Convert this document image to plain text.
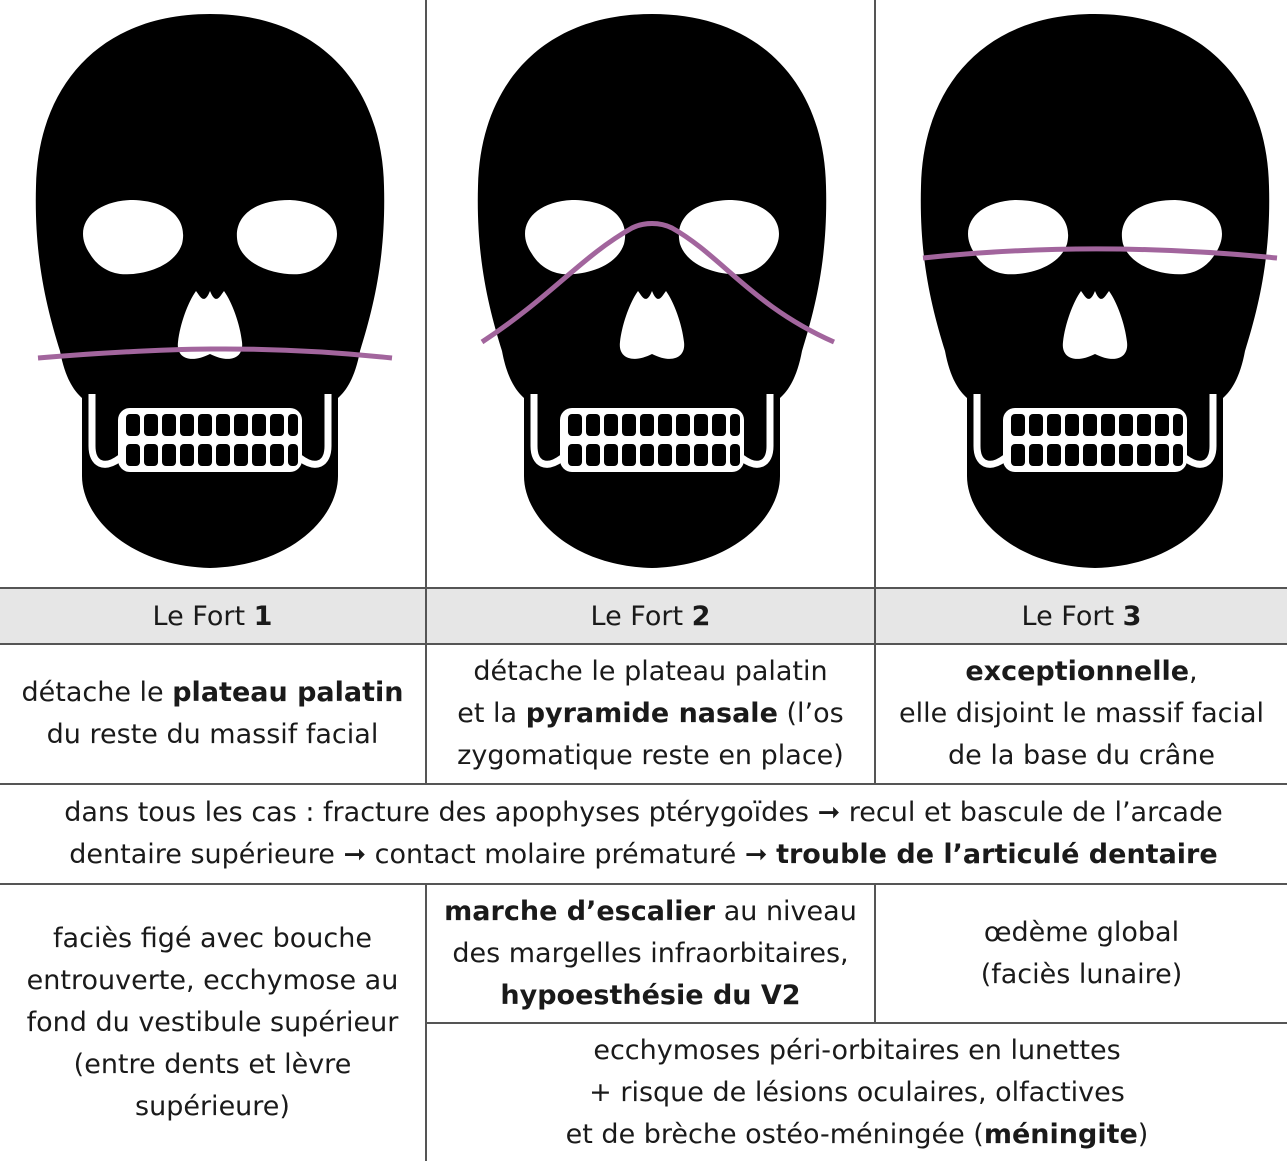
Le Fort
1	Le Fort
2	Le Fort
3
détache le plateau palatin
du reste du massif facial
détache le plateau palatin
et la pyramide nasale (l’os
zygomatique reste en place)
exceptionnelle,
elle disjoint le massif facial
de la base du crâne
dans tous les cas : fracture des apophyses ptérygoïdes ➞ recul et bascule de l’arcade
dentaire supérieure ➞ contact molaire prématuré ➞ trouble de l’articulé dentaire
faciès figé avec bouche
entrouverte, ecchymose au
fond du vestibule supérieur
(entre dents et lèvre
supérieure)
marche d’escalier au niveau
des margelles infraorbitaires,
hypoesthésie du V2
œdème global
(faciès lunaire)
ecchymoses péri-orbitaires en lunettes
+ risque de lésions oculaires, olfactives
et de brèche ostéo-méningée (méningite)
